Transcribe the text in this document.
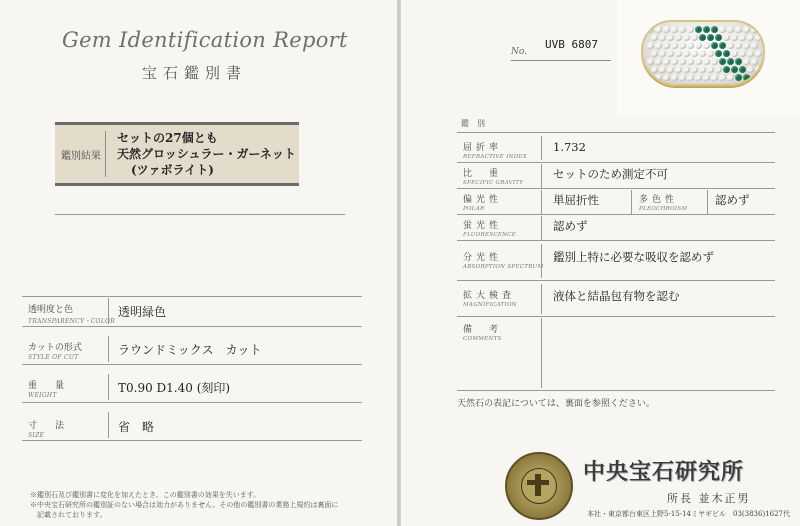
Gem Identification Report
宝石鑑別書
鑑別結果
セットの27個とも
天然グロッシュラー・ガーネット
(ツァボライト)
透明度と色
TRANSPARENCY・COLOR
透明緑色
カットの形式
STYLE OF CUT
ラウンドミックス　カット
重　　量
WEIGHT
T0.90 D1.40 (刻印)
寸　　法
SIZE
省　略
※鑑別石及び鑑別書に変化を加えたとき、この鑑別書の効果を失います。
※中央宝石研究所の鑑別証のない場合は効力がありません。その他の鑑別書の業務上規約は裏面に
　記載されております。
No.
UVB 6807
鑑　別
屈折率
REFRACTIVE INDEX
1.732
比　重
SPECIFIC GRAVITY
セットのため測定不可
偏光性
POLAR
単屈折性	多色性
PLEOCHROISM
認めず
蛍光性
FLUORESCENCE
認めず
分光性
ABSORPTION SPECTRUM
鑑別上特に必要な吸収を認めず
拡大検査
MAGNIFICATION
液体と結晶包有物を認む
備　考
COMMENTS
天然石の表記については、裏面を参照ください。
中央宝石研究所
所長 並木正男
本社・東京都台東区上野5-15-14ミヤギビル　03(3836)1627代
